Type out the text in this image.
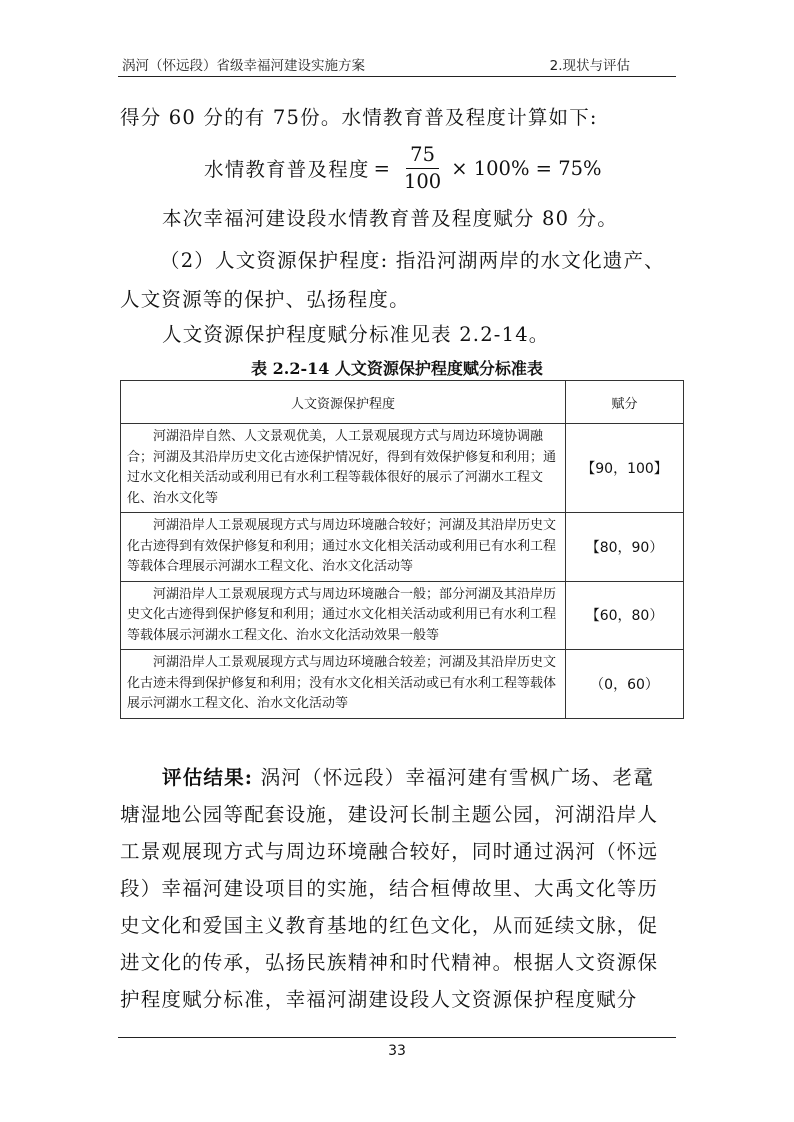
涡河（怀远段）省级幸福河建设实施方案	2.现状与评估
得分 60 分的有 75份。水情教育普及程度计算如下:
水情教育普及程度 = $\frac{75}{100} \times 100\% = 75\%$
本次幸福河建设段水情教育普及程度赋分 80 分。
（2）人文资源保护程度: 指沿河湖两岸的水文化遗产、
人文资源等的保护、弘扬程度。
人文资源保护程度赋分标准见表 2.2-14。
表 2.2-14 人文资源保护程度赋分标准表
人文资源保护程度	赋分
河湖沿岸自然、人文景观优美，人工景观展现方式与周边环境协调融合；河湖及其沿岸历史文化古迹保护情况好，得到有效保护修复和利用；通过水文化相关活动或利用已有水利工程等载体很好的展示了河湖水工程文化、治水文化等	【90，100】
河湖沿岸人工景观展现方式与周边环境融合较好；河湖及其沿岸历史文化古迹得到有效保护修复和利用；通过水文化相关活动或利用已有水利工程等载体合理展示河湖水工程文化、治水文化活动等	【80，90）
河湖沿岸人工景观展现方式与周边环境融合一般；部分河湖及其沿岸历史文化古迹得到保护修复和利用；通过水文化相关活动或利用已有水利工程等载体展示河湖水工程文化、治水文化活动效果一般等	【60，80）
河湖沿岸人工景观展现方式与周边环境融合较差；河湖及其沿岸历史文化古迹未得到保护修复和利用；没有水文化相关活动或已有水利工程等载体展示河湖水工程文化、治水文化活动等	（0，60）
评估结果: 涡河（怀远段）幸福河建有雪枫广场、老鼋
塘湿地公园等配套设施，建设河长制主题公园，河湖沿岸人
工景观展现方式与周边环境融合较好，同时通过涡河（怀远
段）幸福河建设项目的实施，结合桓傅故里、大禹文化等历
史文化和爱国主义教育基地的红色文化，从而延续文脉，促
进文化的传承，弘扬民族精神和时代精神。根据人文资源保
护程度赋分标准，幸福河湖建设段人文资源保护程度赋分
33
